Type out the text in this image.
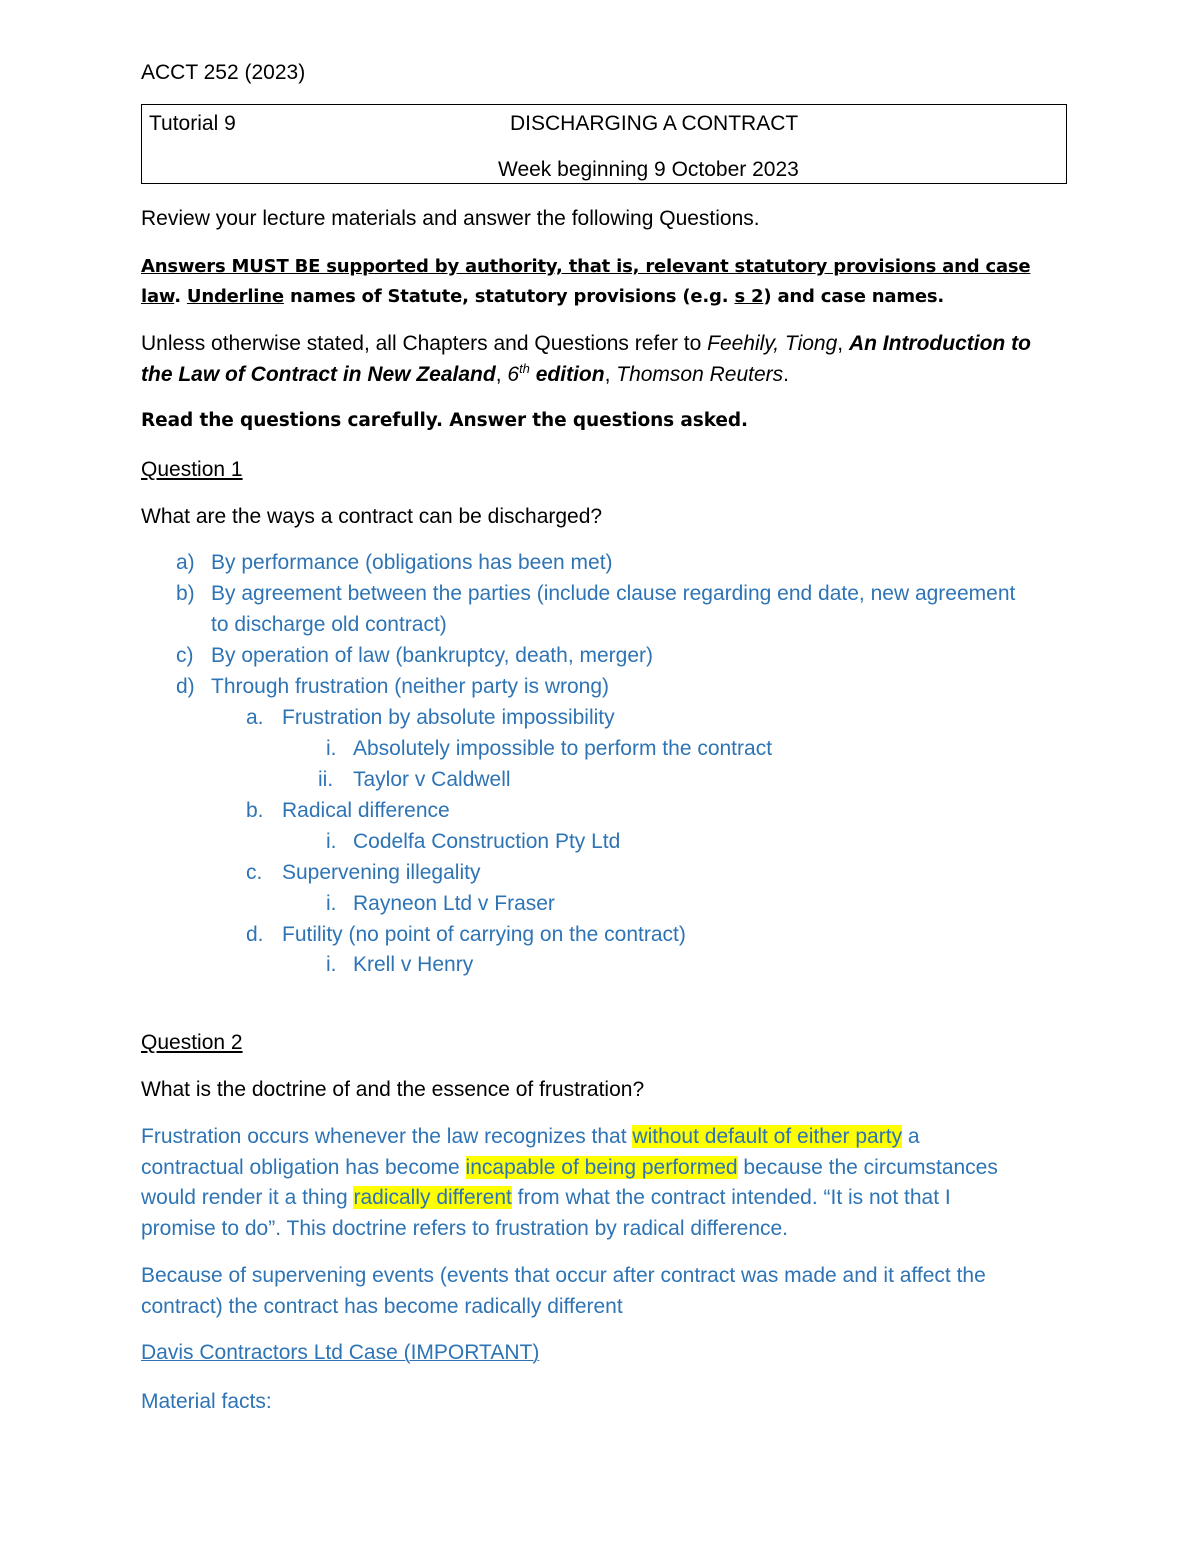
ACCT 252 (2023)
Tutorial 9	DISCHARGING A CONTRACT
Week beginning 9 October 2023
Review your lecture materials and answer the following Questions.
Answers MUST BE supported by authority, that is, relevant statutory provisions and case law. Underline names of Statute, statutory provisions (e.g. s 2) and case names.
Unless otherwise stated, all Chapters and Questions refer to Feehily, Tiong, An Introduction to
the Law of Contract in New Zealand, 6th edition, Thomson Reuters.
Read the questions carefully. Answer the questions asked.
Question 1
What are the ways a contract can be discharged?
a) By performance (obligations has been met)
b) By agreement between the parties (include clause regarding end date, new agreement
to discharge old contract)
c) By operation of law (bankruptcy, death, merger)
d) Through frustration (neither party is wrong)
a. Frustration by absolute impossibility
i. Absolutely impossible to perform the contract
ii. Taylor v Caldwell
b. Radical difference
i. Codelfa Construction Pty Ltd
c. Supervening illegality
i. Rayneon Ltd v Fraser
d. Futility (no point of carrying on the contract)
i. Krell v Henry
Question 2
What is the doctrine of and the essence of frustration?
Frustration occurs whenever the law recognizes that without default of either party a
contractual obligation has become incapable of being performed because the circumstances
would render it a thing radically different from what the contract intended. “It is not that I
promise to do”. This doctrine refers to frustration by radical difference.
Because of supervening events (events that occur after contract was made and it affect the
contract) the contract has become radically different
Davis Contractors Ltd Case (IMPORTANT)
Material facts:
